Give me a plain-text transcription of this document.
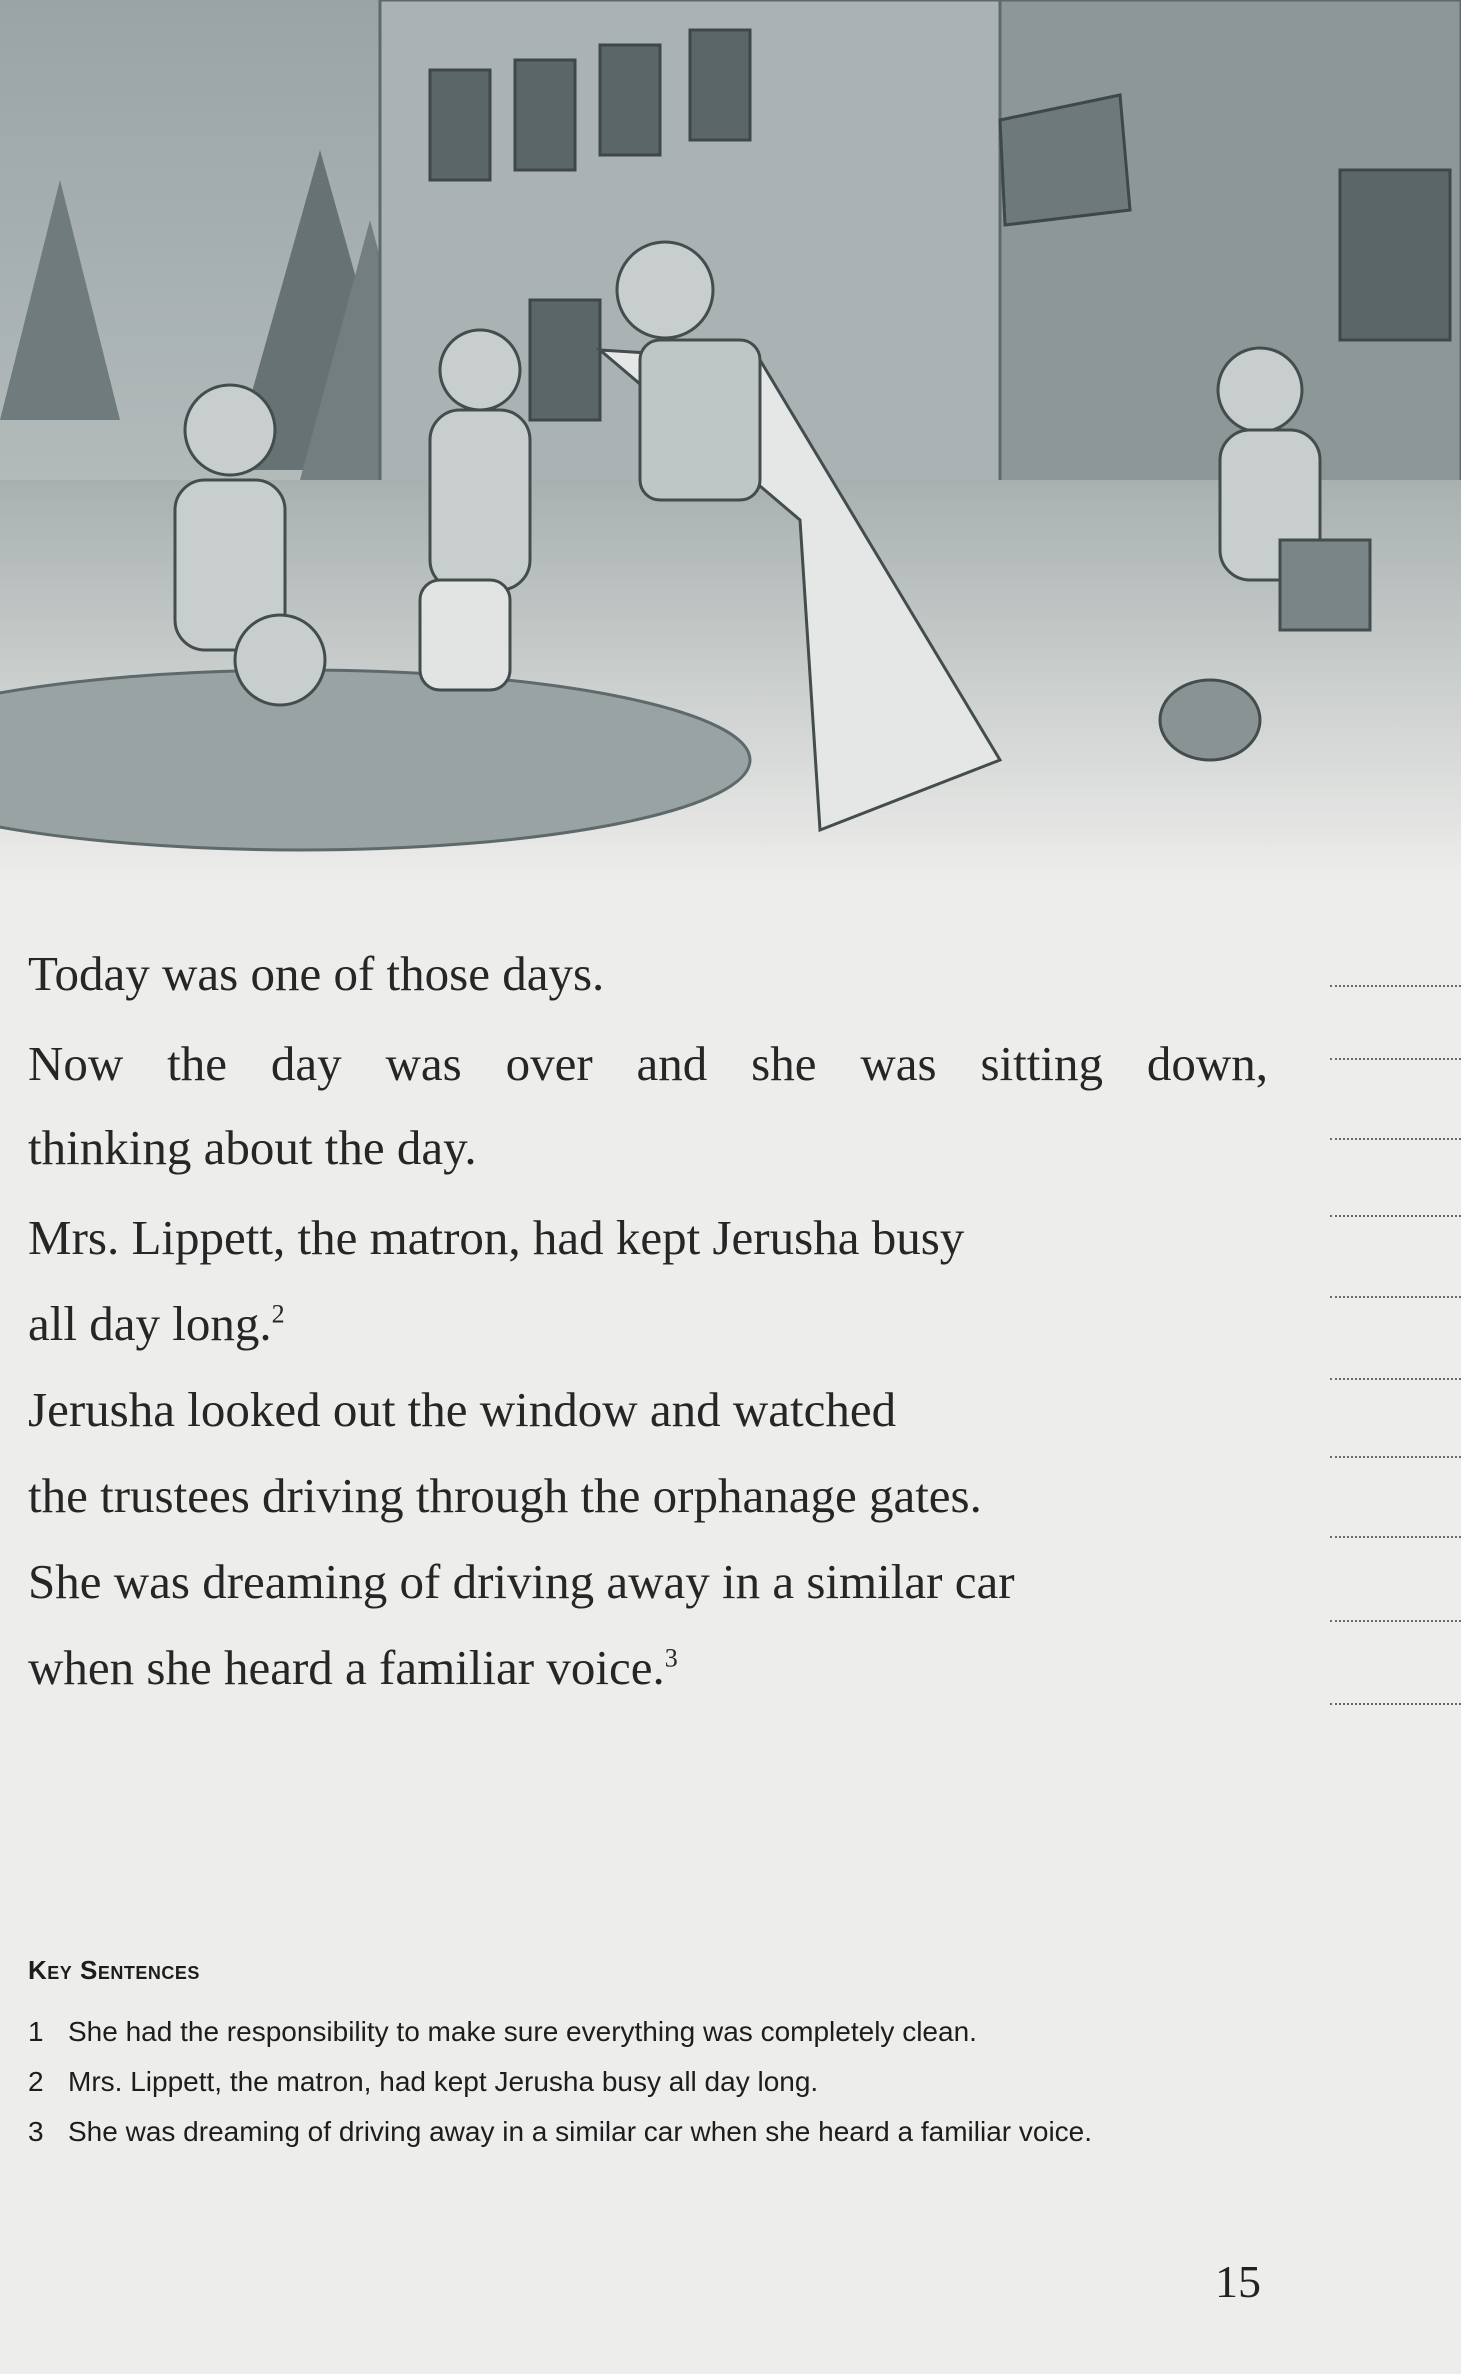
Today was one of those days.
Now the day was over and she was sitting down,
thinking about the day.
Mrs. Lippett, the matron, had kept Jerusha busy
all day long.$^2$
Jerusha looked out the window and watched
the trustees driving through the orphanage gates.
She was dreaming of driving away in a similar car
when she heard a familiar voice.$^3$
Key Sentences
1 She had the responsibility to make sure everything was completely clean.
2 Mrs. Lippett, the matron, had kept Jerusha busy all day long.
3 She was dreaming of driving away in a similar car when she heard a familiar voice.
15
